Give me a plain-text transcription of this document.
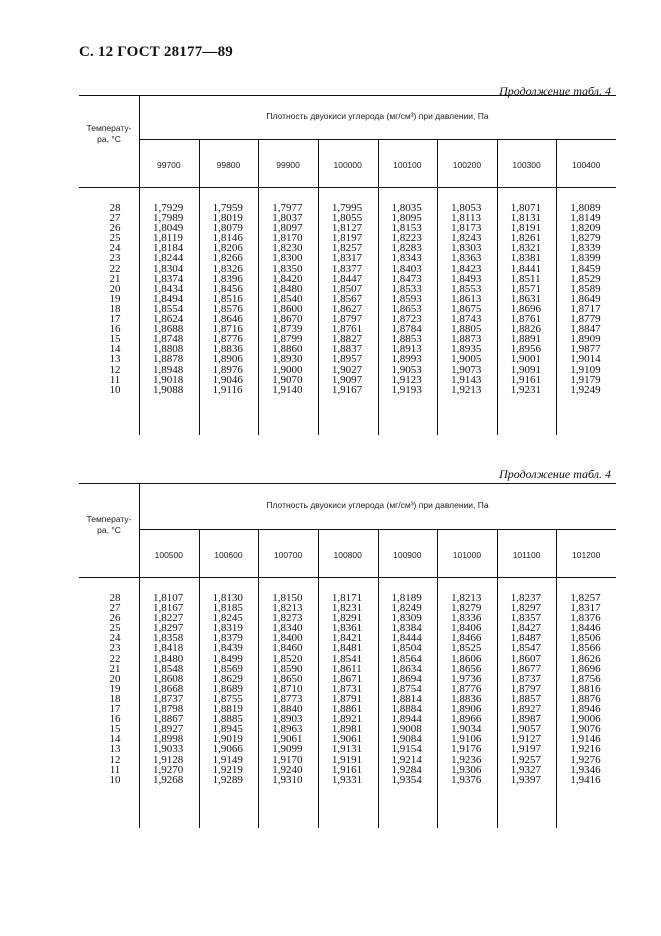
С. 12 ГОСТ 28177—89
Продолжение табл. 4
Температу-
ра, °С
Плотность двуокиси углерода (мг/см³) при давлении, Па
28
27
26
25
24
23
22
21
20
19
18
17
16
15
14
13
12
11
10
99700
1,7929
1,7989
1,8049
1,8119
1,8184
1,8244
1,8304
1,8374
1,8434
1,8494
1,8554
1,8624
1,8688
1,8748
1,8808
1,8878
1,8948
1,9018
1,9088
99800
1,7959
1,8019
1,8079
1,8146
1,8206
1,8266
1,8326
1,8396
1,8456
1,8516
1,8576
1,8646
1,8716
1,8776
1,8836
1,8906
1,8976
1,9046
1,9116
99900
1,7977
1,8037
1,8097
1,8170
1,8230
1,8300
1,8350
1,8420
1,8480
1,8540
1,8600
1,8670
1,8739
1,8799
1,8860
1,8930
1,9000
1,9070
1,9140
100000
1,7995
1,8055
1,8127
1,8197
1,8257
1,8317
1,8377
1,8447
1,8507
1,8567
1,8627
1,8797
1,8761
1,8827
1,8837
1,8957
1,9027
1,9097
1,9167
100100
1,8035
1,8095
1,8153
1,8223
1,8283
1,8343
1,8403
1,8473
1,8533
1,8593
1,8653
1,8723
1,8784
1,8853
1,8913
1,8993
1,9053
1,9123
1,9193
100200
1,8053
1,8113
1,8173
1,8243
1,8303
1,8363
1,8423
1,8493
1,8553
1,8613
1,8675
1,8743
1,8805
1,8873
1,8935
1,9005
1,9073
1,9143
1,9213
100300
1,8071
1,8131
1,8191
1,8261
1,8321
1,8381
1,8441
1,8511
1,8571
1,8631
1,8696
1,8761
1,8826
1,8891
1,8956
1,9001
1,9091
1,9161
1,9231
100400
1,8089
1,8149
1,8209
1,8279
1,8339
1,8399
1,8459
1,8529
1,8589
1,8649
1,8717
1,8779
1,8847
1,8909
1,9877
1,9014
1,9109
1,9179
1,9249
Продолжение табл. 4
Температу-
ра, °С
Плотность двуокиси углерода (мг/см³) при давлении, Па
28
27
26
25
24
23
22
21
20
19
18
17
16
15
14
13
12
11
10
100500
1,8107
1,8167
1,8227
1,8297
1,8358
1,8418
1,8480
1,8548
1,8608
1,8668
1,8737
1,8798
1,8867
1,8927
1,8998
1,9033
1,9128
1,9270
1,9268
100600
1,8130
1,8185
1,8245
1,8319
1,8379
1,8439
1,8499
1,8569
1,8629
1,8689
1,8755
1,8819
1,8885
1,8945
1,9019
1,9066
1,9149
1,9219
1,9289
100700
1,8150
1,8213
1,8273
1,8340
1,8400
1,8460
1,8520
1,8590
1,8650
1,8710
1,8773
1,8840
1,8903
1,8963
1,9061
1,9099
1,9170
1,9240
1,9310
100800
1,8171
1,8231
1,8291
1,8361
1,8421
1,8481
1,8541
1,8611
1,8671
1,8731
1,8791
1,8861
1,8921
1,8981
1,9061
1,9131
1,9191
1,9161
1,9331
100900
1,8189
1,8249
1,8309
1,8384
1,8444
1,8504
1,8564
1,8634
1,8694
1,8754
1,8814
1,8884
1,8944
1,9008
1,9084
1,9154
1,9214
1,9284
1,9354
101000
1,8213
1,8279
1,8336
1,8406
1,8466
1,8525
1,8606
1,8656
1,9736
1,8776
1,8836
1,8906
1,8966
1,9034
1,9106
1,9176
1,9236
1,9306
1,9376
101100
1,8237
1,8297
1,8357
1,8427
1,8487
1,8547
1,8607
1,8677
1,8737
1,8797
1,8857
1,8927
1,8987
1,9057
1,9127
1,9197
1,9257
1,9327
1,9397
101200
1,8257
1,8317
1,8376
1,8446
1,8506
1,8566
1,8626
1,8696
1,8756
1,8816
1,8876
1,8946
1,9006
1,9076
1,9146
1,9216
1,9276
1,9346
1,9416
